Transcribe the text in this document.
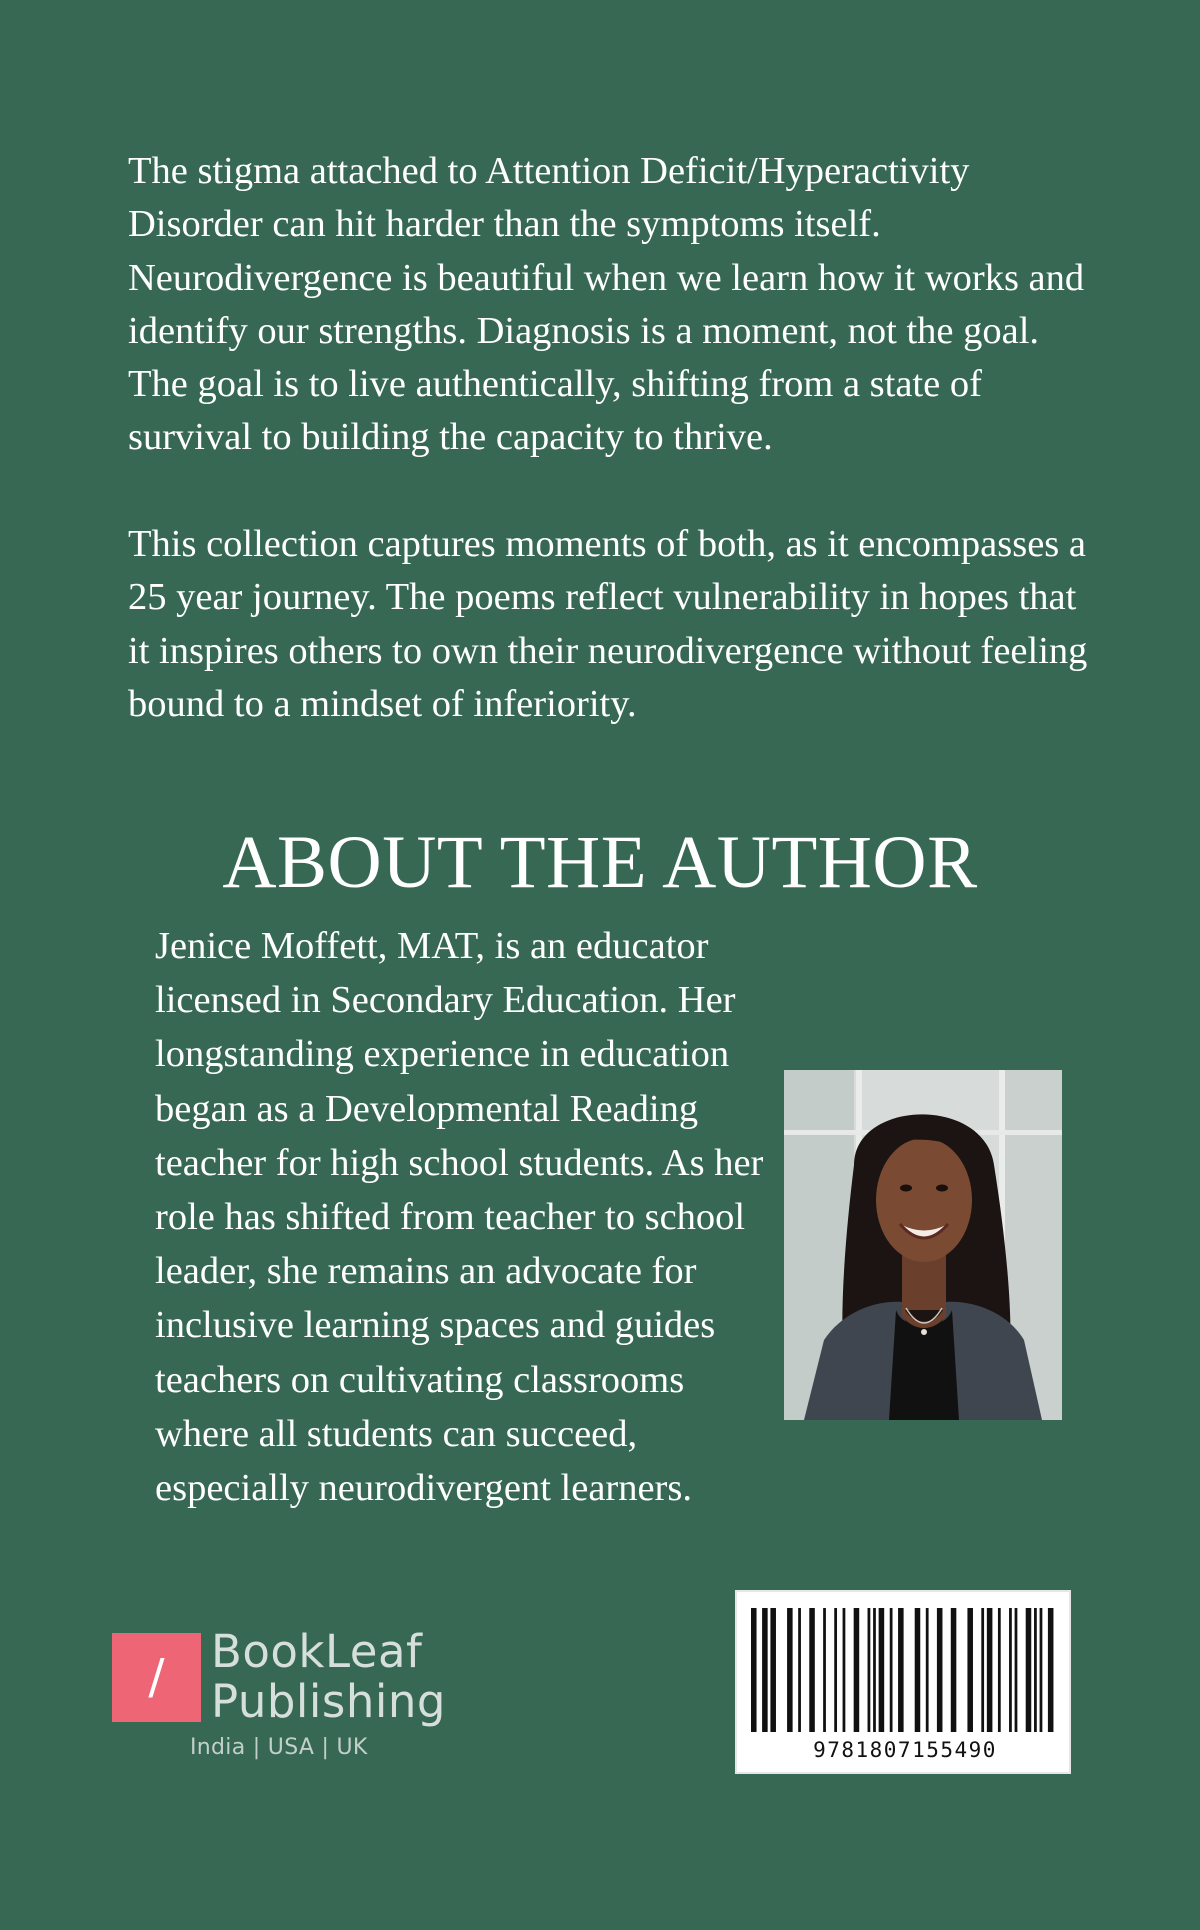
The stigma attached to Attention Deficit/Hyperactivity Disorder can hit harder than the symptoms itself. Neurodivergence is beautiful when we learn how it works and identify our strengths. Diagnosis is a moment, not the goal. The goal is to live authentically, shifting from a state of survival to building the capacity to thrive.

This collection captures moments of both, as it encompasses a 25 year journey. The poems reflect vulnerability in hopes that it inspires others to own their neurodivergence without feeling bound to a mindset of inferiority.

ABOUT THE AUTHOR

Jenice Moffett, MAT, is an educator licensed in Secondary Education. Her longstanding experience in education began as a Developmental Reading teacher for high school students. As her role has shifted from teacher to school leader, she remains an advocate for inclusive learning spaces and guides teachers on cultivating classrooms where all students can succeed, especially neurodivergent learners.

/	BookLeaf
Publishing
India | USA | UK	9781807155490
